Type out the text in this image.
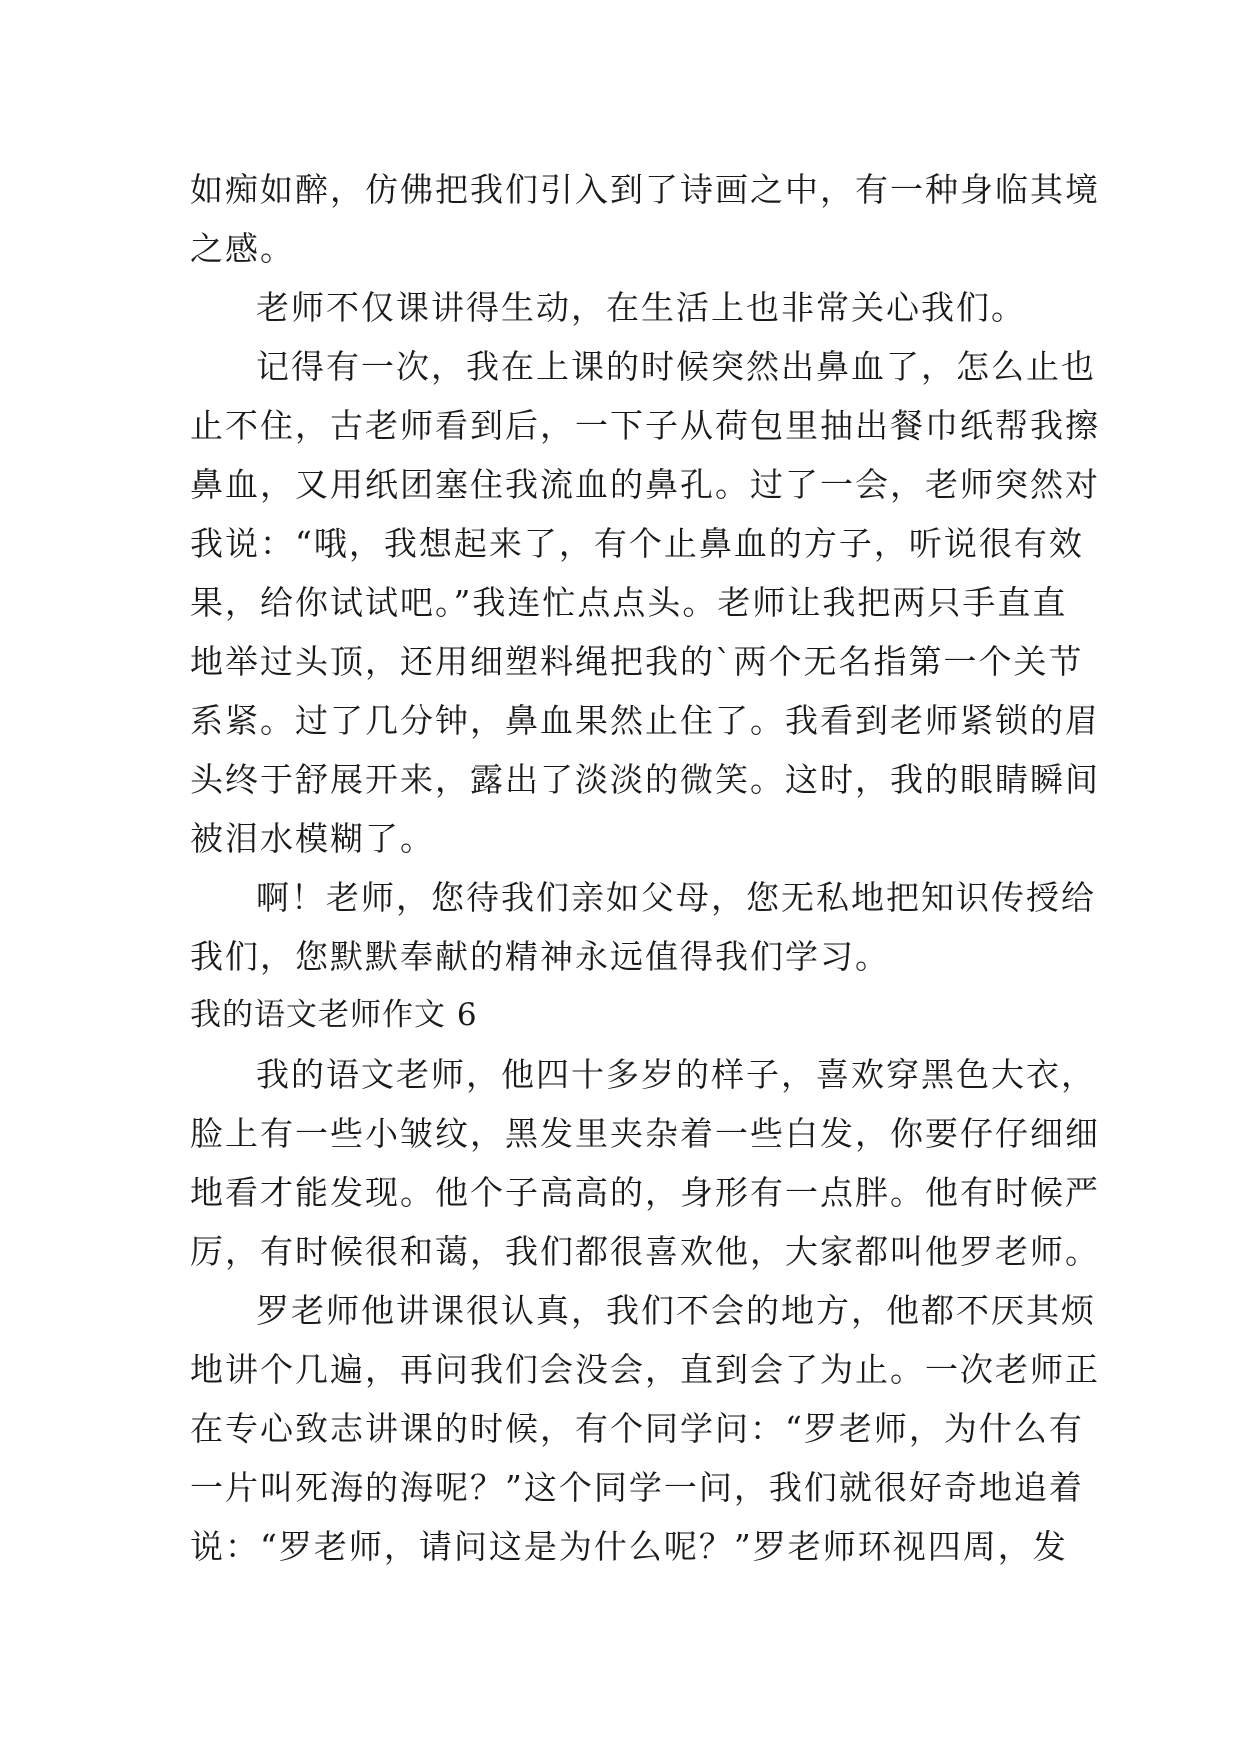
如痴如醉，仿佛把我们引入到了诗画之中，有一种身临其境
之感。
老师不仅课讲得生动，在生活上也非常关心我们。
记得有一次，我在上课的时候突然出鼻血了，怎么止也
止不住，古老师看到后，一下子从荷包里抽出餐巾纸帮我擦
鼻血，又用纸团塞住我流血的鼻孔。过了一会，老师突然对
我说：“哦，我想起来了，有个止鼻血的方子，听说很有效
果，给你试试吧。”我连忙点点头。老师让我把两只手直直
地举过头顶，还用细塑料绳把我的`两个无名指第一个关节
系紧。过了几分钟，鼻血果然止住了。我看到老师紧锁的眉
头终于舒展开来，露出了淡淡的微笑。这时，我的眼睛瞬间
被泪水模糊了。
啊！老师，您待我们亲如父母，您无私地把知识传授给
我们，您默默奉献的精神永远值得我们学习。
我的语文老师作文 6
我的语文老师，他四十多岁的样子，喜欢穿黑色大衣，
脸上有一些小皱纹，黑发里夹杂着一些白发，你要仔仔细细
地看才能发现。他个子高高的，身形有一点胖。他有时候严
厉，有时候很和蔼，我们都很喜欢他，大家都叫他罗老师。
罗老师他讲课很认真，我们不会的地方，他都不厌其烦
地讲个几遍，再问我们会没会，直到会了为止。一次老师正
在专心致志讲课的时候，有个同学问：“罗老师，为什么有
一片叫死海的海呢？”这个同学一问，我们就很好奇地追着
说：“罗老师，请问这是为什么呢？”罗老师环视四周，发
